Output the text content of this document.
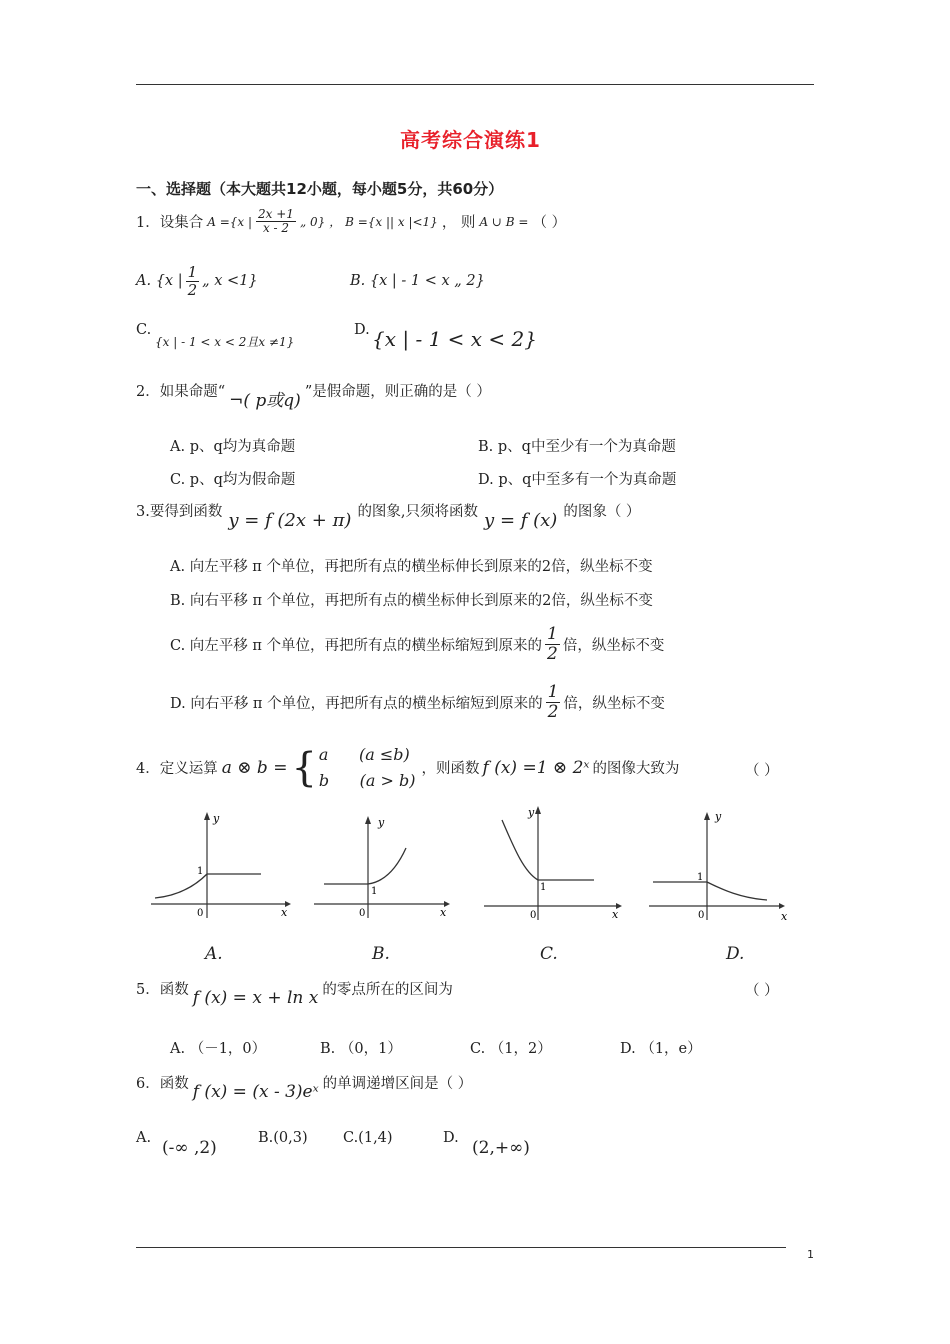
高考综合演练1
一、选择题（本大题共12小题，每小题5分，共60分）
1．设集合 A ={x | $\frac{2x +1}{x - 2}$ „ 0} ， B ={x || x |<1} ， 则 A ∪ B = （ ）
A. {x | $\frac{1}{2}$ „ x <1}	B. {x | - 1 < x „ 2}
C.
{x | - 1 < x < 2且x ≠1}
D. {x | - 1 < x < 2}
2．如果命题“ ¬( p或q) ”是假命题，则正确的是（ ）
A. p、q均为真命题	B. p、q中至少有一个为真命题
C. p、q均为假命题	D. p、q中至多有一个为真命题
3.要得到函数 y = f (2x + π) 的图象,只须将函数 y = f (x) 的图象（ ）
A. 向左平移 π 个单位，再把所有点的横坐标伸长到原来的2倍，纵坐标不变
B. 向右平移 π 个单位，再把所有点的横坐标伸长到原来的2倍，纵坐标不变
C. 向左平移 π 个单位，再把所有点的横坐标缩短到原来的 $\frac{1}{2}$ 倍，纵坐标不变
D. 向右平移 π 个单位，再把所有点的横坐标缩短到原来的 $\frac{1}{2}$ 倍，纵坐标不变
4．定义运算 a ⊗ b = { a      (a ≤b)
b      (a > b)
，则函数 f (x) =1 ⊗ 2ˣ 的图像大致为	（ ）
y
x
0
1
y
x
0
1
y
x
0
1
y
x
0
1
A.	B.	C.	D.
5．函数 f (x) = x + ln x 的零点所在的区间为	（ ）
A. （－1，0）	B. （0，1）	C. （1，2）	D. （1，e）
6．函数 f (x) = (x - 3)eˣ 的单调递增区间是（ ）
A. (-∞ ,2)	B.(0,3) C.(1,4)	D. (2,+∞)
1
